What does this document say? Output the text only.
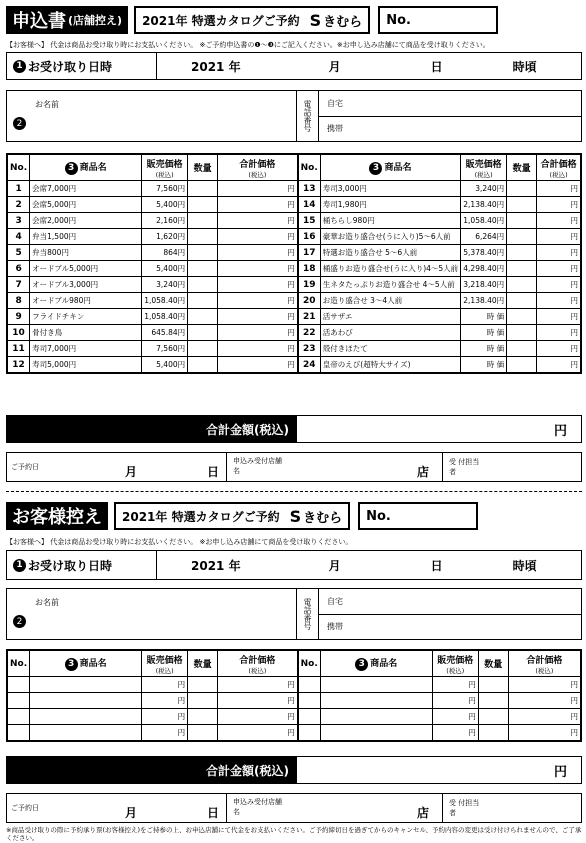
申込書 (店舗控え) 2021年 特選カタログご予約 S きむら No.
【お客様へ】 代金は商品お受け取り時にお支払いください。 ※ご予約申込書の❶〜❸にご記入ください。※お申し込み店舗にて商品を受け取りください。
1 お受け取り日時	2021 年	月	日	時頃
お名前
2	電話番号	自宅
携帯
No.	3 商品名	販売価格
(税込)	数量	合計価格
(税込)	No.	3 商品名	販売価格
(税込)	数量	合計価格
(税込)

1	会席7,000円	7,560円		円	13	寿司3,000円	3,240円		円
2	会席5,000円	5,400円		円	14	寿司1,980円	2,138.40円		円
3	会席2,000円	2,160円		円	15	桶ちらし980円	1,058.40円		円
4	弁当1,500円	1,620円		円	16	豪華お造り盛合せ(うに入り)5〜6人前	6,264円		円
5	弁当800円	864円		円	17	特選お造り盛合せ 5〜6人前	5,378.40円		円
6	オードブル5,000円	5,400円		円	18	桶盛りお造り盛合せ(うに入り)4〜5人前	4,298.40円		円
7	オードブル3,000円	3,240円		円	19	生ネタたっぷりお造り盛合せ 4〜5人前	3,218.40円		円
8	オードブル980円	1,058.40円		円	20	お造り盛合せ 3〜4人前	2,138.40円		円
9	フライドチキン	1,058.40円		円	21	活サザエ	時 価		円
10	骨付き鳥	645.84円		円	22	活あわび	時 価		円
11	寿司7,000円	7,560円		円	23	殻付きほたて	時 価		円
12	寿司5,000円	5,400円		円	24	皇帝のえび(超特大サイズ)	時 価		円
合計金額(税込)	円
ご予約日	月	日
申込み受付店舗名	店
受 付担当者
お客様控え 2021年 特選カタログご予約 S きむら No.
【お客様へ】 代金は商品お受け取り時にお支払いください。 ※お申し込み店舗にて商品を受け取りください。
1 お受け取り日時	2021 年	月	日	時頃
お名前
2	電話番号	自宅
携帯
No.	3 商品名	販売価格
(税込)	数量	合計価格
(税込)	No.	3 商品名	販売価格
(税込)	数量	合計価格
(税込)

		円		円			円		円
		円		円			円		円
		円		円			円		円
		円		円			円		円
合計金額(税込)	円
ご予約日	月	日
申込み受付店舗名	店
受 付担当者
※商品受け取りの際に予約承り票(お客様控え)をご持参の上、お申込店舗にて代金をお支払いください。ご予約締切日を過ぎてからのキャンセル、予約内容の変更は受け付けられませんので、ご了承ください。
